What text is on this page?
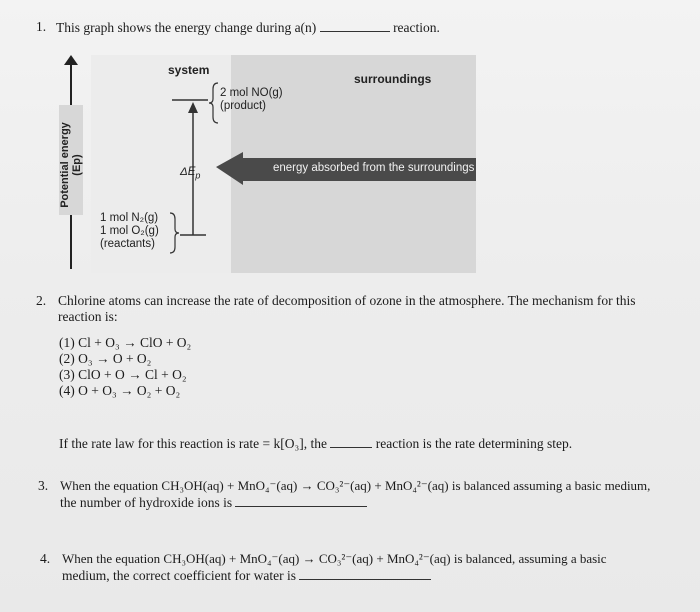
1. This graph shows the energy change during a(n)	reaction.
Potential energy (Ep)
system
surroundings
2 mol NO(g)
(product)
$\Delta E_p$
energy absorbed from the surroundings
1 mol N₂(g)
1 mol O₂(g)
(reactants)
2. Chlorine atoms can increase the rate of decomposition of ozone in the atmosphere. The mechanism for this reaction is:
(1) Cl + O₃ → ClO + O₂
(2) O₃ → O + O₂
(3) ClO + O → Cl + O₂
(4) O + O₃ → O₂ + O₂
If the rate law for this reaction is rate = k[O₃], the	reaction is the rate determining step.
3. When the equation CH₃OH(aq) + MnO₄⁻(aq) → CO₃²⁻(aq) + MnO₄²⁻(aq) is balanced assuming a basic medium,
the number of hydroxide ions is
4. When the equation CH₃OH(aq) + MnO₄⁻(aq) → CO₃²⁻(aq) + MnO₄²⁻(aq) is balanced, assuming a basic
medium, the correct coefficient for water is
